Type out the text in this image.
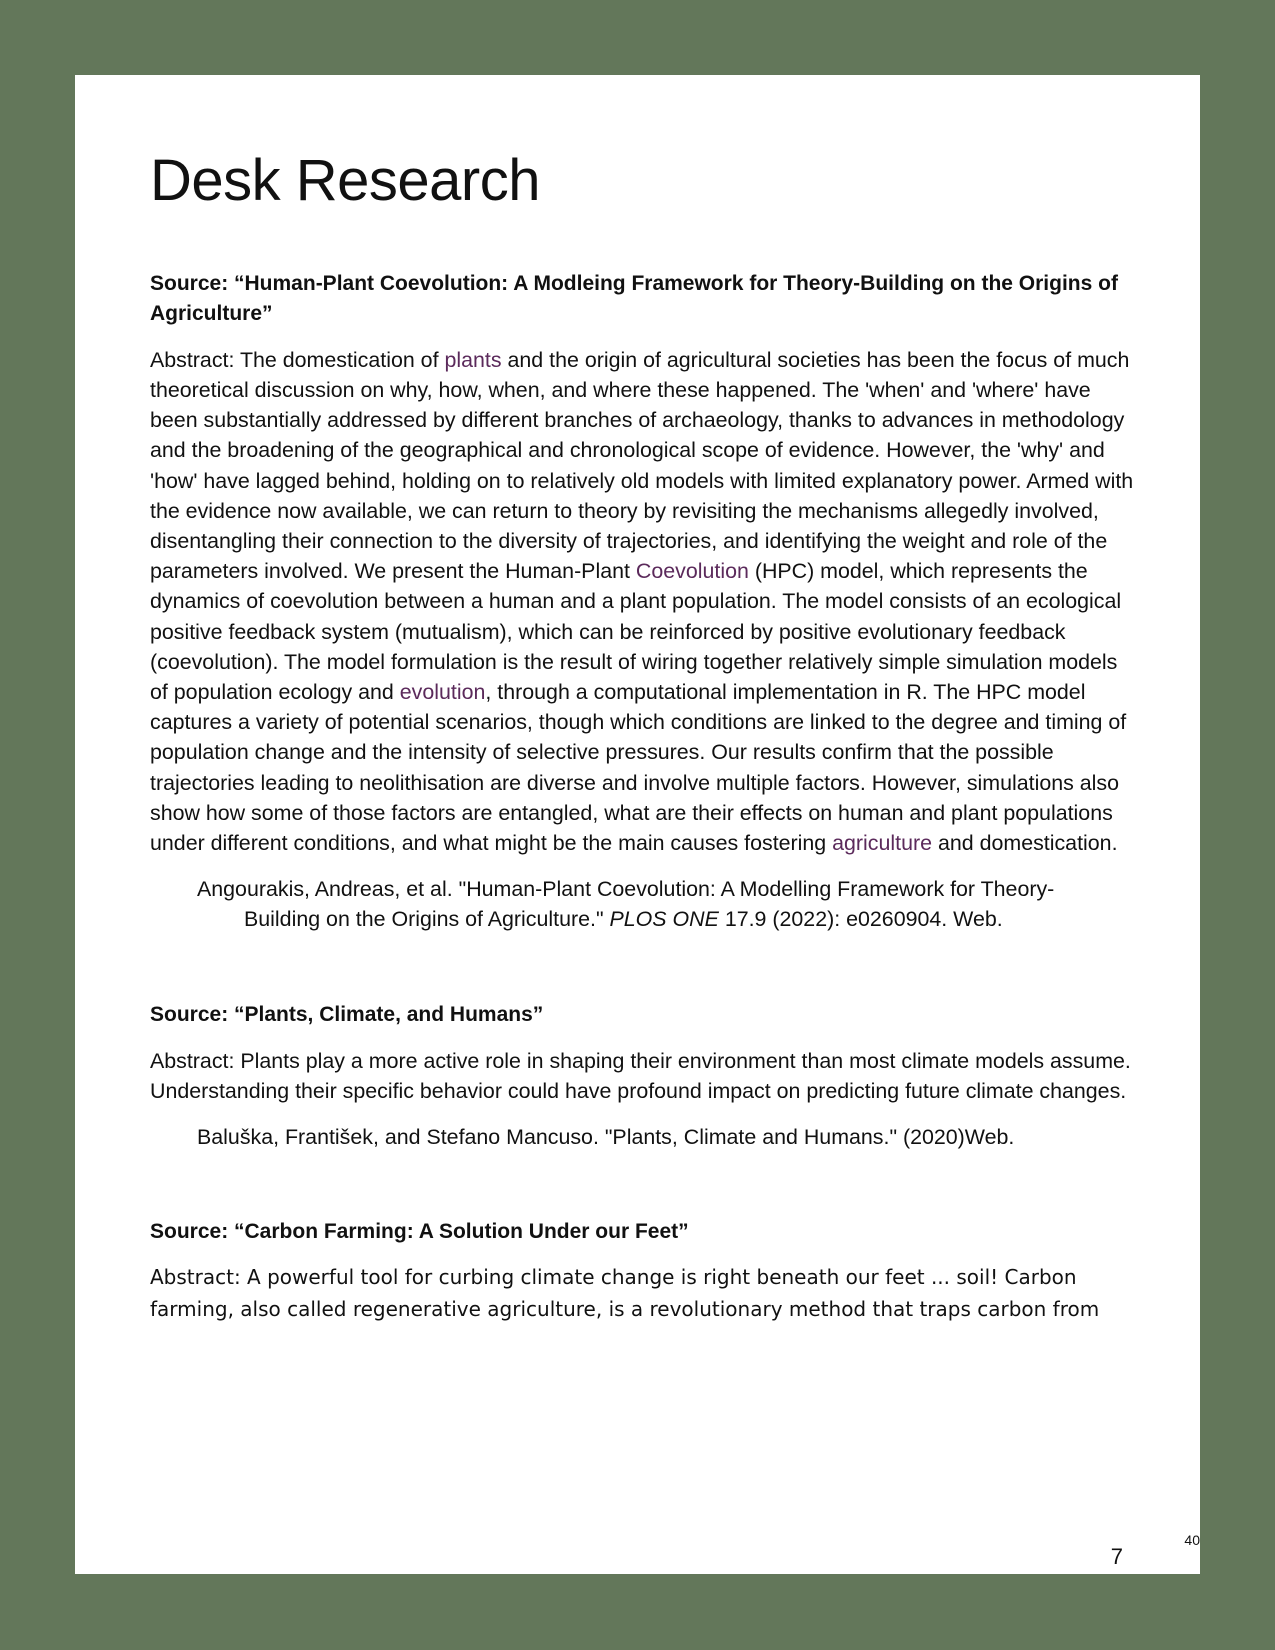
Desk Research

Source: “Human-Plant Coevolution: A Modleing Framework for Theory-Building on the Origins of Agriculture”

Abstract: The domestication of plants and the origin of agricultural societies has been the focus of much theoretical discussion on why, how, when, and where these happened. The 'when' and 'where' have been substantially addressed by different branches of archaeology, thanks to advances in methodology and the broadening of the geographical and chronological scope of evidence. However, the 'why' and 'how' have lagged behind, holding on to relatively old models with limited explanatory power. Armed with the evidence now available, we can return to theory by revisiting the mechanisms allegedly involved, disentangling their connection to the diversity of trajectories, and identifying the weight and role of the parameters involved. We present the Human-Plant Coevolution (HPC) model, which represents the dynamics of coevolution between a human and a plant population. The model consists of an ecological positive feedback system (mutualism), which can be reinforced by positive evolutionary feedback (coevolution). The model formulation is the result of wiring together relatively simple simulation models of population ecology and evolution, through a computational implementation in R. The HPC model captures a variety of potential scenarios, though which conditions are linked to the degree and timing of population change and the intensity of selective pressures. Our results confirm that the possible trajectories leading to neolithisation are diverse and involve multiple factors. However, simulations also show how some of those factors are entangled, what are their effects on human and plant populations under different conditions, and what might be the main causes fostering agriculture and domestication.

Angourakis, Andreas, et al. "Human-Plant Coevolution: A Modelling Framework for Theory-Building on the Origins of Agriculture." PLOS ONE 17.9 (2022): e0260904. Web.

Source: “Plants, Climate, and Humans”

Abstract: Plants play a more active role in shaping their environment than most climate models assume. Understanding their specific behavior could have profound impact on predicting future climate changes.

Baluška, František, and Stefano Mancuso. "Plants, Climate and Humans." (2020)Web.

Source: “Carbon Farming: A Solution Under our Feet”

Abstract: A powerful tool for curbing climate change is right beneath our feet ... soil! Carbon farming, also called regenerative agriculture, is a revolutionary method that traps carbon from

7
40
